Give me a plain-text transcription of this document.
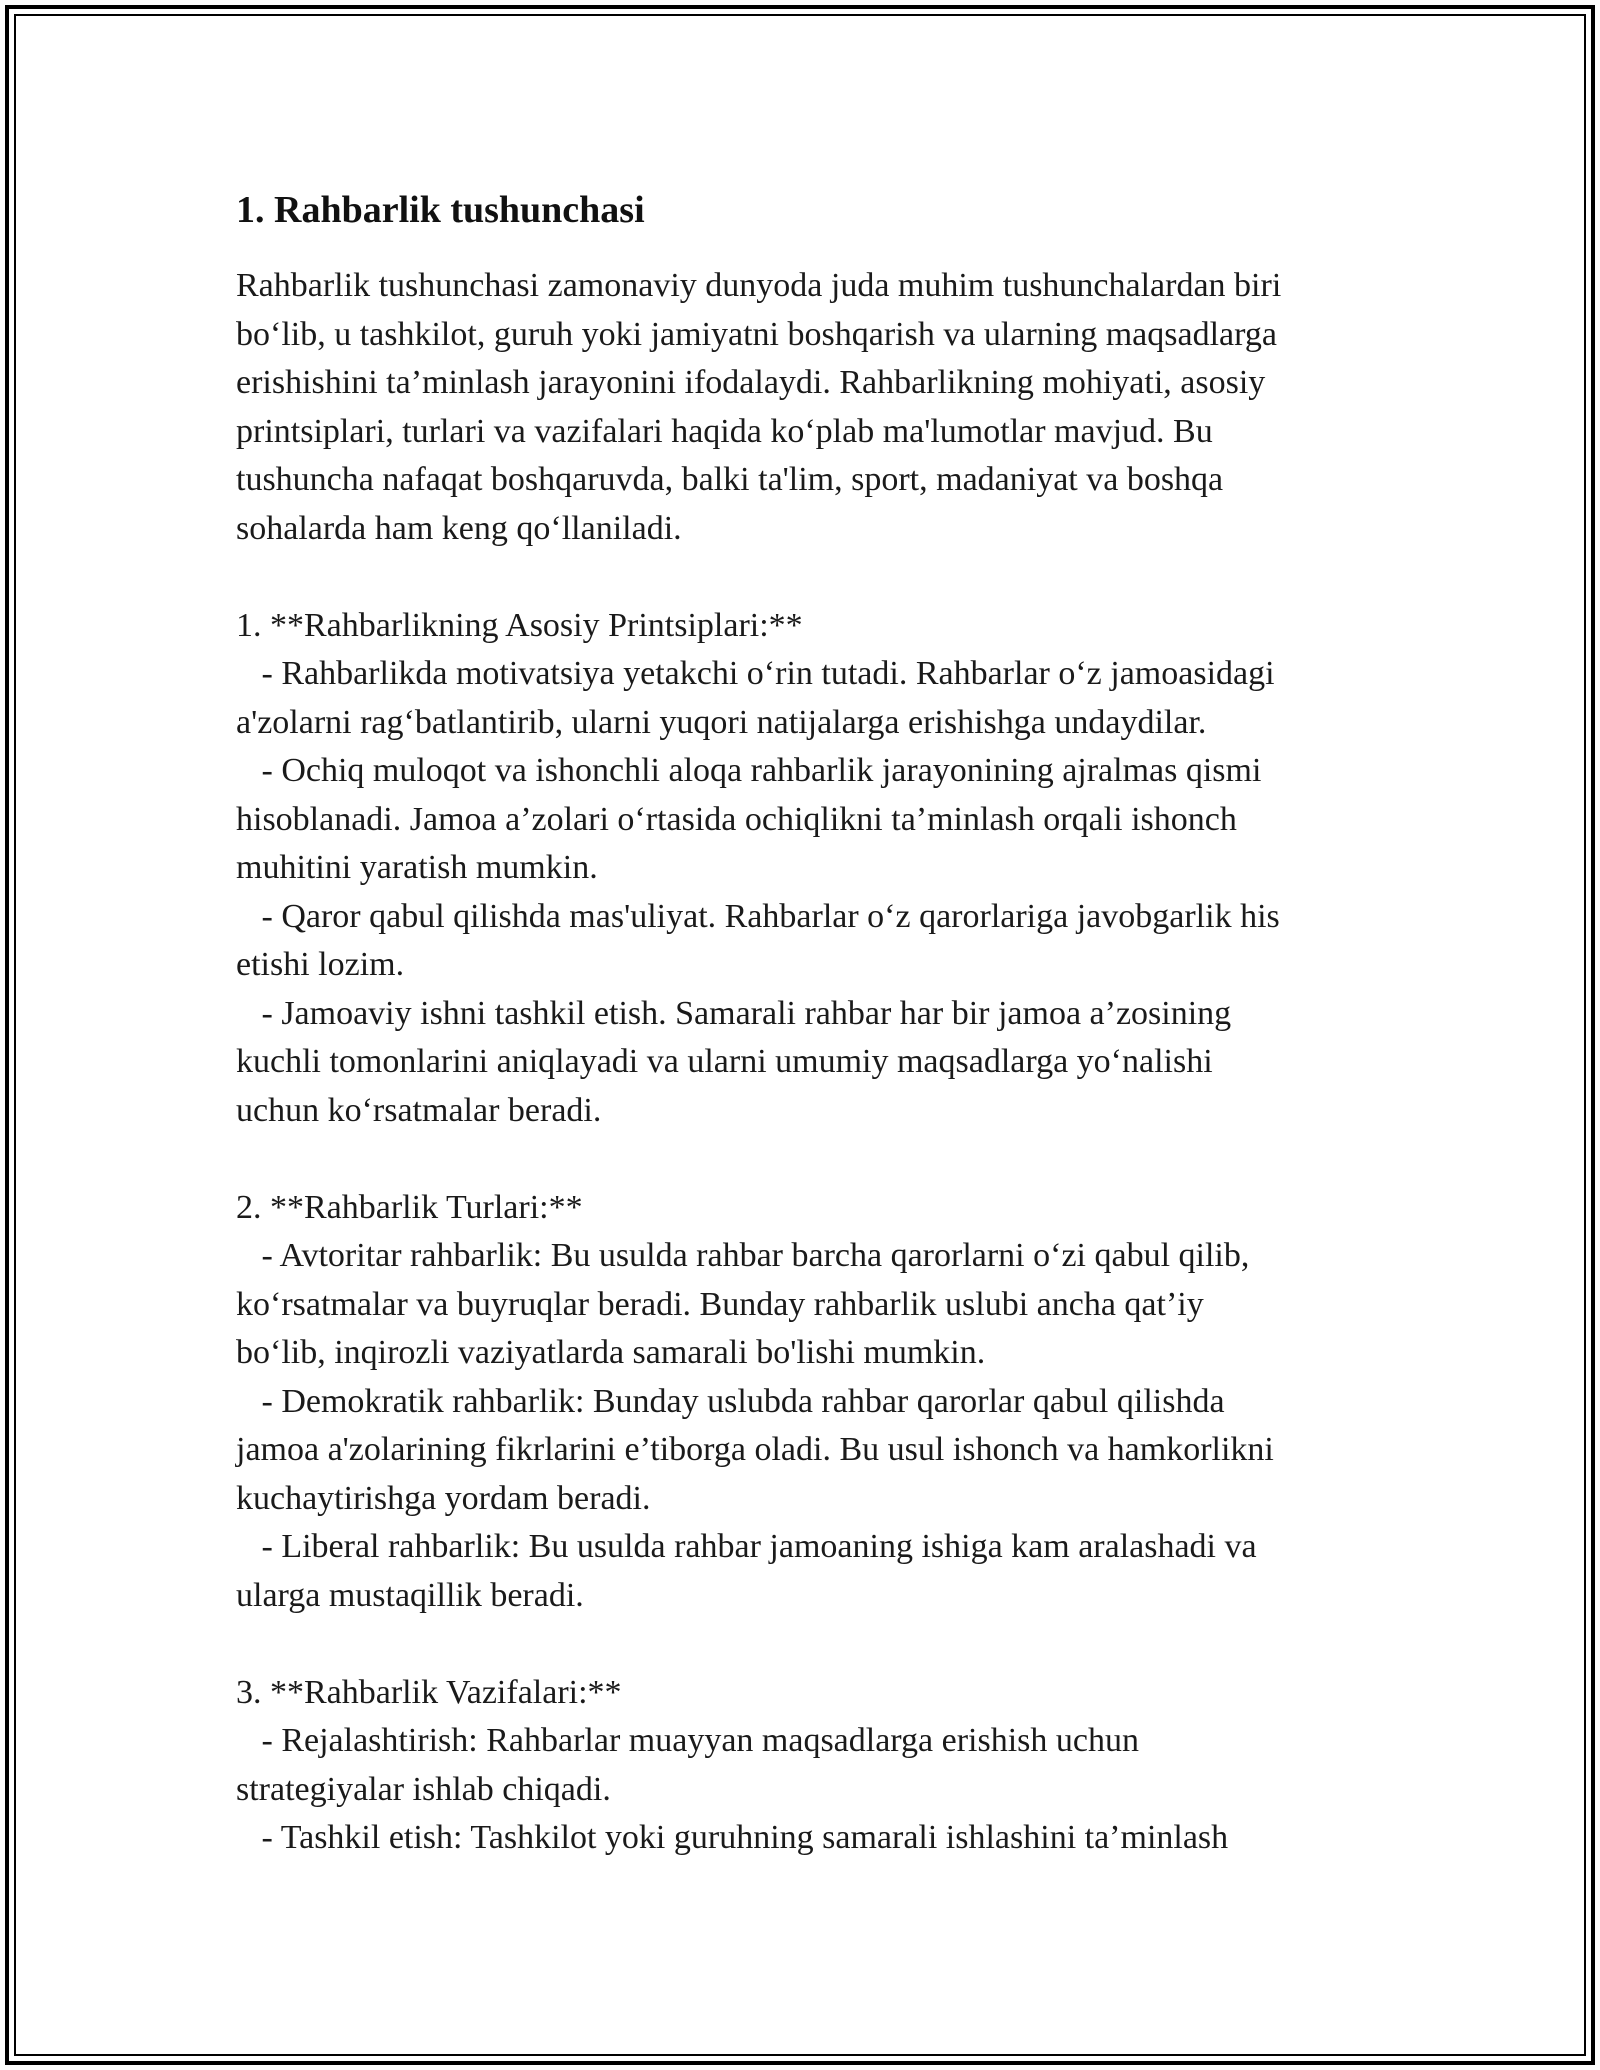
1. Rahbarlik tushunchasi

Rahbarlik tushunchasi zamonaviy dunyoda juda muhim tushunchalardan biri
bo‘lib, u tashkilot, guruh yoki jamiyatni boshqarish va ularning maqsadlarga
erishishini ta’minlash jarayonini ifodalaydi. Rahbarlikning mohiyati, asosiy
printsiplari, turlari va vazifalari haqida ko‘plab ma'lumotlar mavjud. Bu
tushuncha nafaqat boshqaruvda, balki ta'lim, sport, madaniyat va boshqa
sohalarda ham keng qo‘llaniladi.

1. **Rahbarlikning Asosiy Printsiplari:**

- Rahbarlikda motivatsiya yetakchi o‘rin tutadi. Rahbarlar o‘z jamoasidagi
a'zolarni rag‘batlantirib, ularni yuqori natijalarga erishishga undaydilar.
- Ochiq muloqot va ishonchli aloqa rahbarlik jarayonining ajralmas qismi
hisoblanadi. Jamoa a’zolari o‘rtasida ochiqlikni ta’minlash orqali ishonch
muhitini yaratish mumkin.
- Qaror qabul qilishda mas'uliyat. Rahbarlar o‘z qarorlariga javobgarlik his
etishi lozim.
- Jamoaviy ishni tashkil etish. Samarali rahbar har bir jamoa a’zosining
kuchli tomonlarini aniqlayadi va ularni umumiy maqsadlarga yo‘nalishi
uchun ko‘rsatmalar beradi.

2. **Rahbarlik Turlari:**

- Avtoritar rahbarlik: Bu usulda rahbar barcha qarorlarni o‘zi qabul qilib,
ko‘rsatmalar va buyruqlar beradi. Bunday rahbarlik uslubi ancha qat’iy
bo‘lib, inqirozli vaziyatlarda samarali bo'lishi mumkin.
- Demokratik rahbarlik: Bunday uslubda rahbar qarorlar qabul qilishda
jamoa a'zolarining fikrlarini e’tiborga oladi. Bu usul ishonch va hamkorlikni
kuchaytirishga yordam beradi.
- Liberal rahbarlik: Bu usulda rahbar jamoaning ishiga kam aralashadi va
ularga mustaqillik beradi.

3. **Rahbarlik Vazifalari:**

- Rejalashtirish: Rahbarlar muayyan maqsadlarga erishish uchun
strategiyalar ishlab chiqadi.
- Tashkil etish: Tashkilot yoki guruhning samarali ishlashini ta’minlash
